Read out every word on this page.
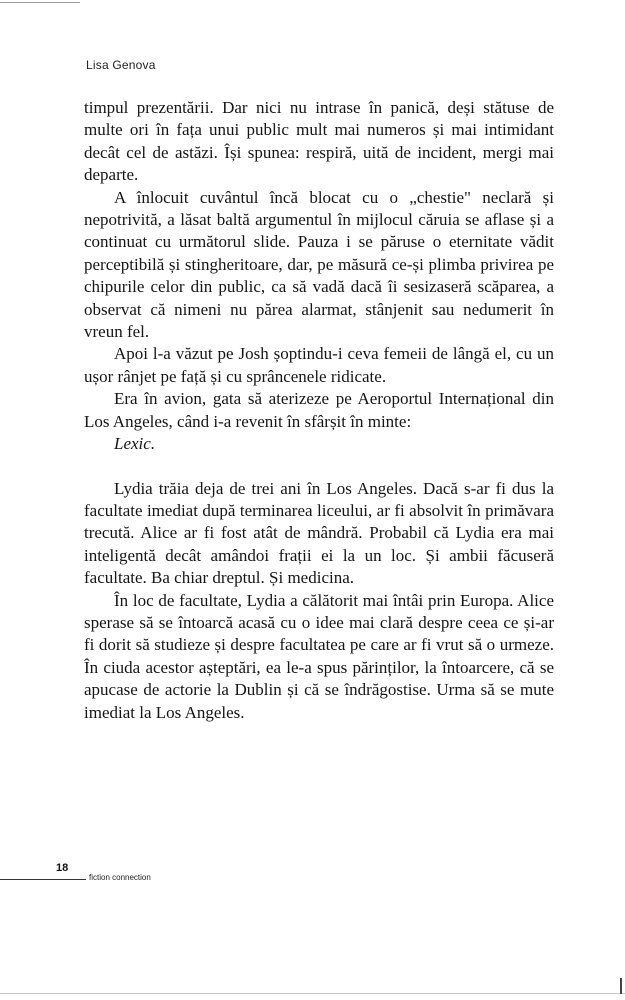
Lisa Genova

timpul prezentării. Dar nici nu intrase în panică, deși stătuse de multe ori în fața unui public mult mai numeros și mai intimidant decât cel de astăzi. Își spunea: respiră, uită de incident, mergi mai departe.

A înlocuit cuvântul încă blocat cu o „chestie" neclară și nepotrivită, a lăsat baltă argumentul în mijlocul căruia se aflase și a continuat cu următorul slide. Pauza i se păruse o eternitate vădit perceptibilă și stingheritoare, dar, pe măsură ce-și plimba privirea pe chipurile celor din public, ca să vadă dacă îi sesizaseră scăparea, a observat că nimeni nu părea alarmat, stânjenit sau nedumerit în vreun fel.

Apoi l-a văzut pe Josh șoptindu-i ceva femeii de lângă el, cu un ușor rânjet pe față și cu sprâncenele ridicate.

Era în avion, gata să aterizeze pe Aeroportul Internațional din Los Angeles, când i-a revenit în sfârșit în minte:

Lexic.

Lydia trăia deja de trei ani în Los Angeles. Dacă s-ar fi dus la facultate imediat după terminarea liceului, ar fi absolvit în primăvara trecută. Alice ar fi fost atât de mândră. Probabil că Lydia era mai inteligentă decât amândoi frații ei la un loc. Și ambii făcuseră facultate. Ba chiar dreptul. Și medicina.

În loc de facultate, Lydia a călătorit mai întâi prin Europa. Alice sperase să se întoarcă acasă cu o idee mai clară despre ceea ce și-ar fi dorit să studieze și despre facultatea pe care ar fi vrut să o urmeze. În ciuda acestor așteptări, ea le-a spus părinților, la întoarcere, că se apucase de actorie la Dublin și că se îndrăgostise. Urma să se mute imediat la Los Angeles.

18
fiction connection
